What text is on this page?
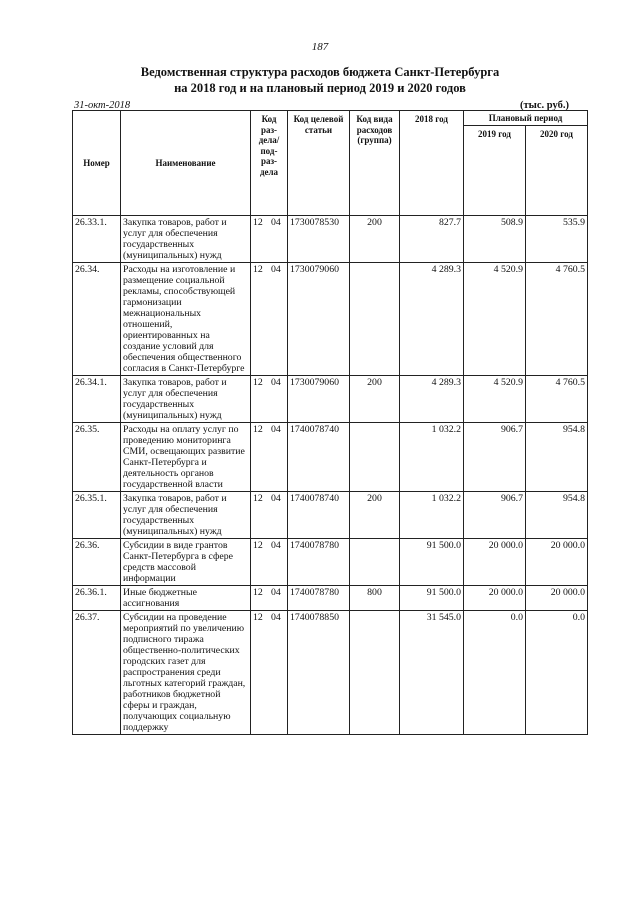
187
Ведомственная структура расходов бюджета Санкт-Петербурга
на 2018 год и на плановый период 2019 и 2020 годов
31-окт-2018	(тыс. руб.)
Номер	Наименование	Код раз-дела/ под-раз-дела	Код целевой статьи	Код вида расходов (группа)	2018 год	Плановый период	
						2019 год	2020 год
26.33.1.	Закупка товаров, работ и услуг для обеспечения государственных (муниципальных) нужд	12 04	1730078530	200	827.7	508.9	535.9
26.34.	Расходы на изготовление и размещение социальной рекламы, способствующей гармонизации межнациональных отношений, ориентированных на создание условий для обеспечения общественного согласия в Санкт-Петербурге	12 04	1730079060		4 289.3	4 520.9	4 760.5
26.34.1.	Закупка товаров, работ и услуг для обеспечения государственных (муниципальных) нужд	12 04	1730079060	200	4 289.3	4 520.9	4 760.5
26.35.	Расходы на оплату услуг по проведению мониторинга СМИ, освещающих развитие Санкт-Петербурга и деятельность органов государственной власти	12 04	1740078740		1 032.2	906.7	954.8
26.35.1.	Закупка товаров, работ и услуг для обеспечения государственных (муниципальных) нужд	12 04	1740078740	200	1 032.2	906.7	954.8
26.36.	Субсидии в виде грантов Санкт-Петербурга в сфере средств массовой информации	12 04	1740078780		91 500.0	20 000.0	20 000.0
26.36.1.	Иные бюджетные ассигнования	12 04	1740078780	800	91 500.0	20 000.0	20 000.0
26.37.	Субсидии на проведение мероприятий по увеличению подписного тиража общественно-политических городских газет для распространения среди льготных категорий граждан, работников бюджетной сферы и граждан, получающих социальную поддержку	12 04	1740078850		31 545.0	0.0	0.0
